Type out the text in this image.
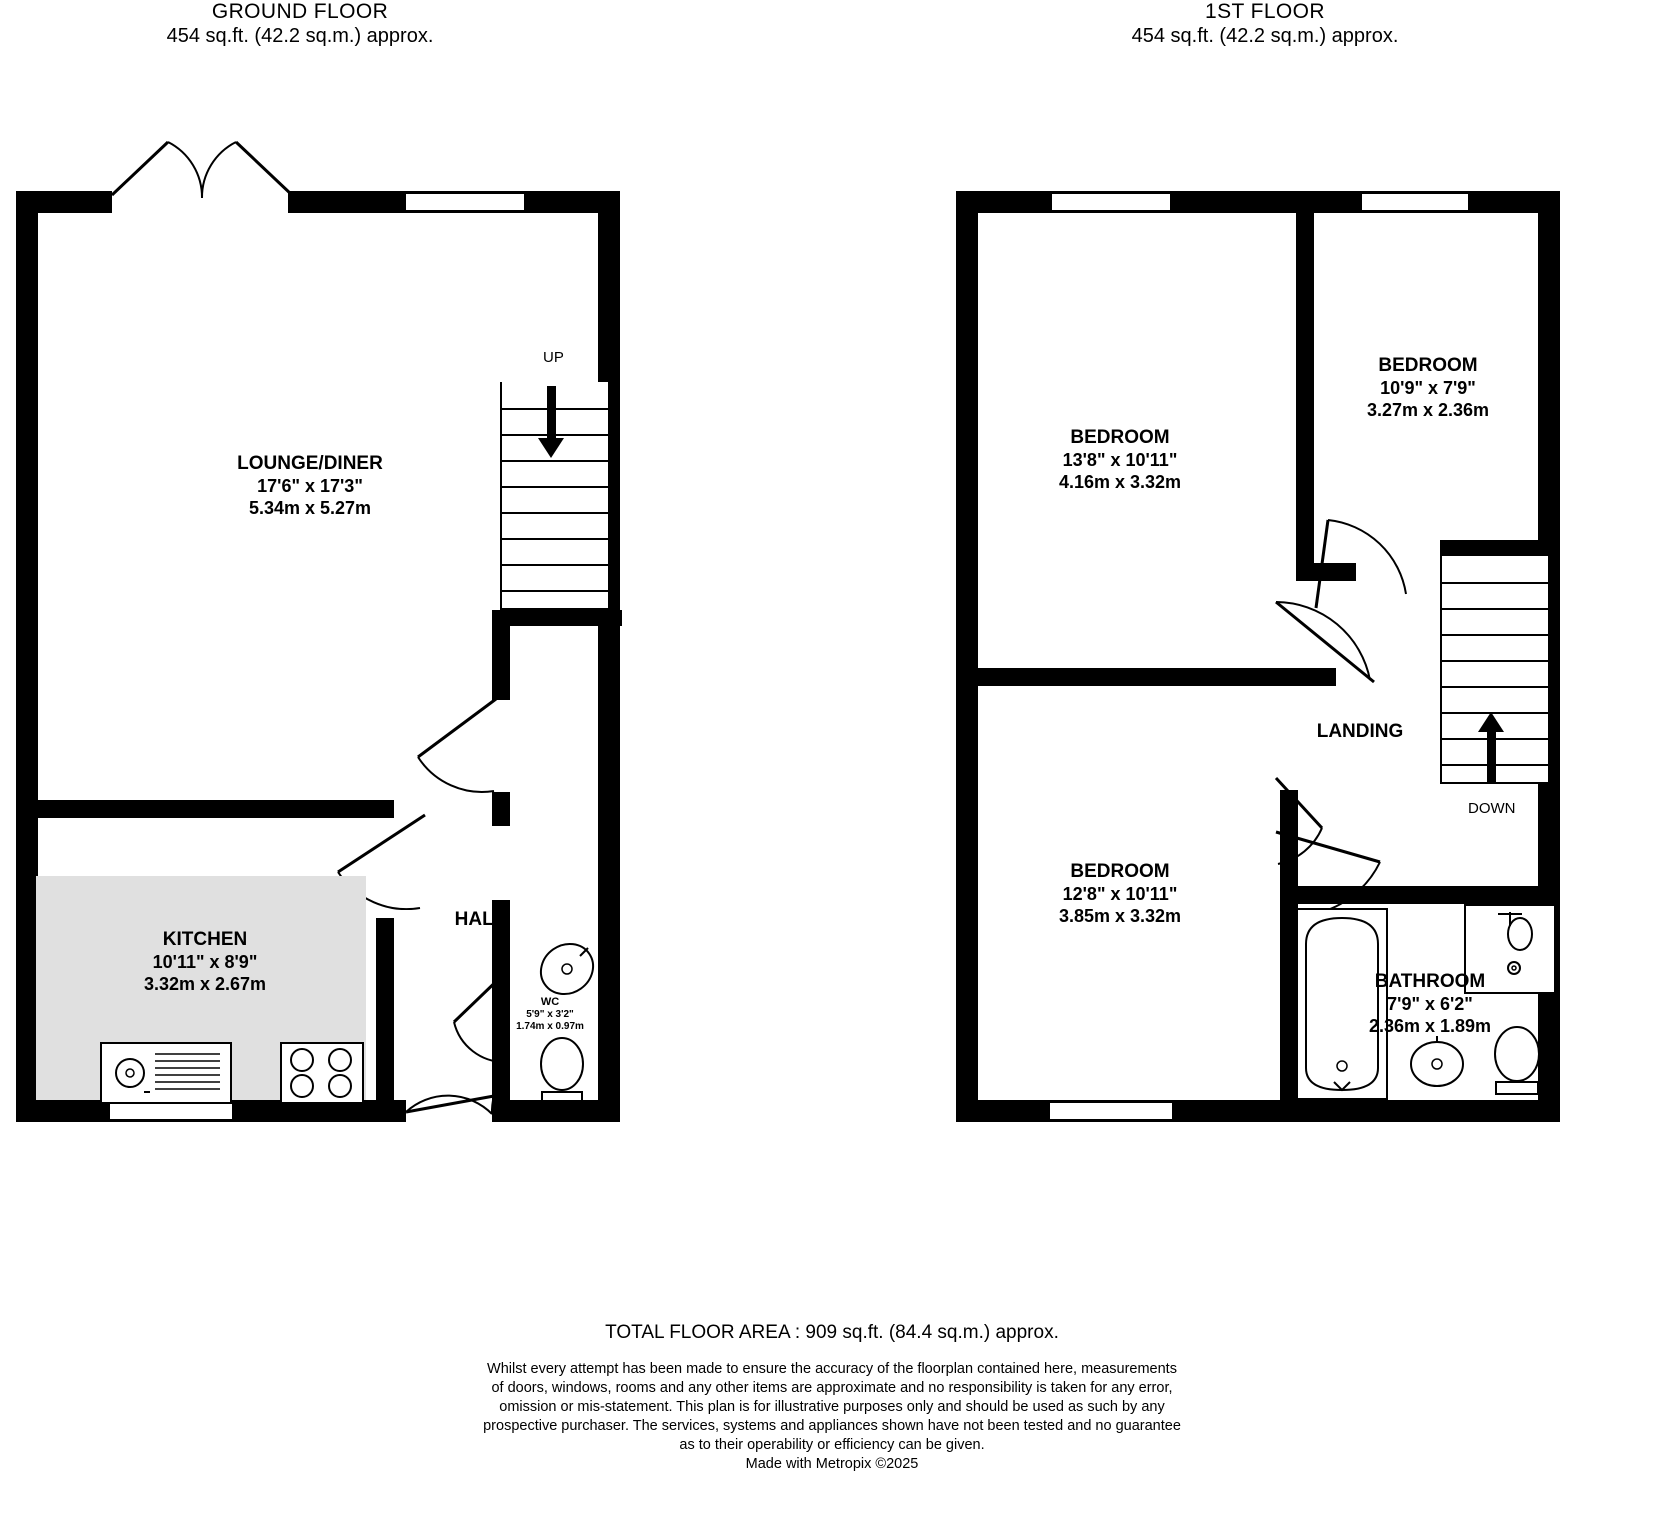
GROUND FLOOR
454 sq.ft. (42.2 sq.m.) approx.
1ST FLOOR
454 sq.ft. (42.2 sq.m.) approx.
UP
LOUNGE/DINER
17'6" x 17'3"
5.34m x 5.27m
KITCHEN
10'11" x 8'9"
3.32m x 2.67m
WC
5'9" x 3'2"
1.74m x 0.97m
HALL
DOWN
BEDROOM
13'8" x 10'11"
4.16m x 3.32m
BEDROOM
10'9" x 7'9"
3.27m x 2.36m
BEDROOM
12'8" x 10'11"
3.85m x 3.32m
BATHROOM
7'9" x 6'2"
2.36m x 1.89m
LANDING
TOTAL FLOOR AREA : 909 sq.ft. (84.4 sq.m.) approx.
Whilst every attempt has been made to ensure the accuracy of the floorplan contained here, measurements
of doors, windows, rooms and any other items are approximate and no responsibility is taken for any error,
omission or mis-statement. This plan is for illustrative purposes only and should be used as such by any
prospective purchaser. The services, systems and appliances shown have not been tested and no guarantee
as to their operability or efficiency can be given.
Made with Metropix ©2025
